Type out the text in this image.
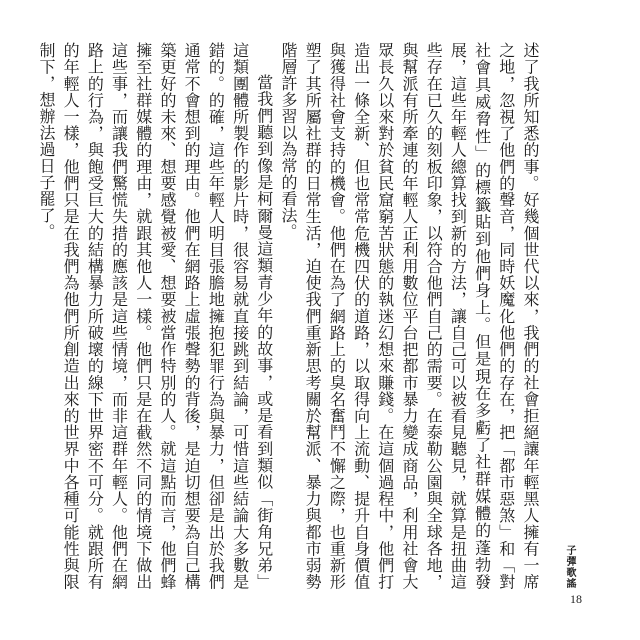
述了我所知悉的事。好幾個世代以來，我們的社會拒絕讓年輕黑人擁有一席之地，忽視了他們的聲音，同時妖魔化他們的存在，把「都市惡煞」和「對社會具威脅性」的標籤貼到他們身上。但是現在多虧了社群媒體的蓬勃發展，這些年輕人總算找到新的方法，讓自己可以被看見聽見，就算是扭曲這些存在已久的刻板印象，以符合他們自己的需要。在泰勒公園與全球各地，與幫派有所牽連的年輕人正利用數位平台把都市暴力變成商品，利用社會大眾長久以來對於貧民窟窮苦狀態的執迷幻想來賺錢。在這個過程中，他們打造出一條全新、但也常常危機四伏的道路，以取得向上流動、提升自身價值與獲得社會支持的機會。他們在為了網路上的臭名奮鬥不懈之際，也重新形塑了其所屬社群的日常生活，迫使我們重新思考關於幫派、暴力與都市弱勢階層許多習以為常的看法。

當我們聽到像是柯爾曼這類青少年的故事，或是看到類似「街角兄弟」這類團體所製作的影片時，很容易就直接跳到結論，可惜這些結論大多數是錯的。的確，這些年輕人明目張膽地擁抱犯罪行為與暴力，但卻是出於我們通常不會想到的理由。他們在網路上虛張聲勢的背後，是迫切想要為自己構築更好的未來、想要感覺被愛、想要被當作特別的人。就這點而言，他們蜂擁至社群媒體的理由，就跟其他人一樣。他們只是在截然不同的情境下做出這些事，而讓我們驚慌失措的應該是這些情境，而非這群年輕人。他們在網路上的行為，與飽受巨大的結構暴力所破壞的線下世界密不可分。就跟所有的年輕人一樣，他們只是在我們為他們所創造出來的世界中各種可能性與限制下，想辦法過日子罷了。

子彈歌謠
18
